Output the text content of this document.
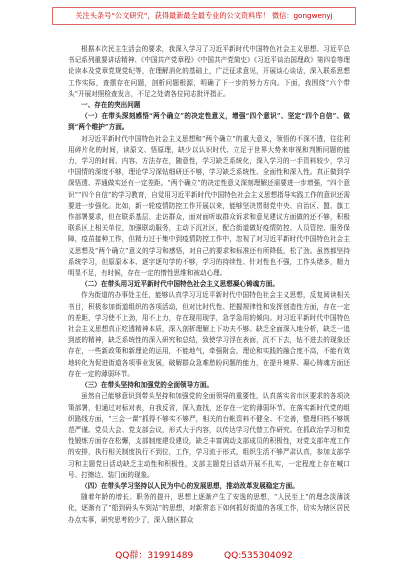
关注头条号“公文研究”，获得最新最全最专业的公文资料库！ 微信：gongwenyj

根据本次民主生活会的要求，我深入学习了习近平新时代中国特色社会主义思想、习近平总书记系列重要讲话精神、《中国共产党章程》《中国共产党简史》《习近平谈治国理政》第四卷等理论读本及党章党规党纪等，在理解消化的基础上，广泛征求意见，开展谈心谈话，深入联系思想工作实际，查摆存在问题，剖析问题根源，明确了下一步的努力方向。下面，我围绕“六个带头”开展对照检查发言，不足之处请各位同志批评指正。

一、存在的突出问题

（一）在带头深刻感悟“两个确立”的决定性意义，增强“四个意识”、坚定“四个自信”、做到“两个维护”方面。

对习近平新时代中国特色社会主义思想和“两个确立”的重大意义，领悟的不深不透，往往利用碎片化的时间，读原文、悟原理，缺少以认识时代、立足于世界大势来审视和判断问题的能力，学习的时间、内容、方法存在，随意性，学习缺乏系统化，深入学习的一手资料较少，学习中国情的深度不够，理论学习深钻细研还不够，学习缺乏系统性、全面性和深入性。真正做到学深悟透、弄通做实还有一定差距。“两个确立”的决定性意义深刻理解还需要进一步增强，“四个意识”“四个自信”的学习教育，自觉用习近平新时代中国特色社会主义思想指导实践工作的意识还需要进一步强化。比如，新一轮疫情防控工作开展以来，能够坚决贯彻党中央、自治区、盟、旗工作部署要求，但在联系基层、走访群众，面对面听取群众诉求和意见建议方面做的还不够，积极联系区上相关单位，加强联动服务，主动下沉社区，配合街道做好疫情防控、人员管控、服务保障，疫苗接种工作，但精力过于集中到疫情防控工作中，忽视了对习近平新时代中国特色社会主义思想及“两个确立”意义的学习和感悟，对自己的要求和标准还有所降低，松了劲。虽然都坚持系统学习，但原原本本、逐字逐句学的不够，学习的持续性、针对性也不强，工作头绪多，精力明显不足，有时候，存在一定的惰性思维和被动心理。

（二）在带头用习近平新时代中国特色社会主义思想凝心铸魂方面。

作为街道的办事处主任，能够认真学习习近平新时代中国特色社会主义思想，反复阅读相关书目，积极参加街道组织的各项活动，但对比时代性、把握规律性和发挥创造性方面，存在一定的差距，学习使不上劲，用不上力，存在现用现学，急学急用的倾向。对习近平新时代中国特色社会主义思想真正吃透精神本质，深入剖析理解上下功夫不够。缺乏全面深入地分析，缺乏一追到底的精神，缺乏系统性的深入研究和总结，致使学习浮在表面，沉不下去，钻不进去的现象还存在，一些新政策和新理论的运用，不能地气，牵强附会，理论和实践的融合度不高，不能有效地转化为促进街道各项事业发展，破解群众急难愁盼问题的能力，在提升境界、凝心铸魂方面还存在一定的薄弱环节。

（三）在带头坚持和加强党的全面领导方面。

虽然自己能够意识到带头坚持和加强党的全面领导的重要性，认真落实省市区要求的各项决策部署，但通过对标对表，自我反省，深入查找，还存在一定的薄弱环节。在落实新时代党的组织路线方面，“三会一课”抓得不够实不够严，相关的台帐资料不健全、不完善，整理归档不够规范严谨。党员大会、党支部会议，形式大于内容，以传达学习代替工作研究。在抓政治学习和党性锻炼方面存在松懈，支部制度建设建设，缺乏丰富调动支部成员的积极性，对党支部年度工作的安排，执行相关制度执行不到位，工作，学习流于形式，组织生活不够严肃认真，参加支部学习和主题党日活动缺乏主动性和积极性，支部主题党日活动开展不扎实，一定程度上存在喊口号、打擦边、装门面的现象。

（四）在带头学习坚持以人民为中心的发展思想，推动改革发展稳定方面。

随着年龄的增长、职务的提升，思想上逐渐产生了安逸的思想，“人民至上”的理念淡薄淡化，逐渐有了“船到码头车到站”的思想，对新常态下如何抓好街道的各项工作，切实为辖区居民办点实事，研究思考的少了，深入辖区群众

QQ群：31991489	QQ:535304092
